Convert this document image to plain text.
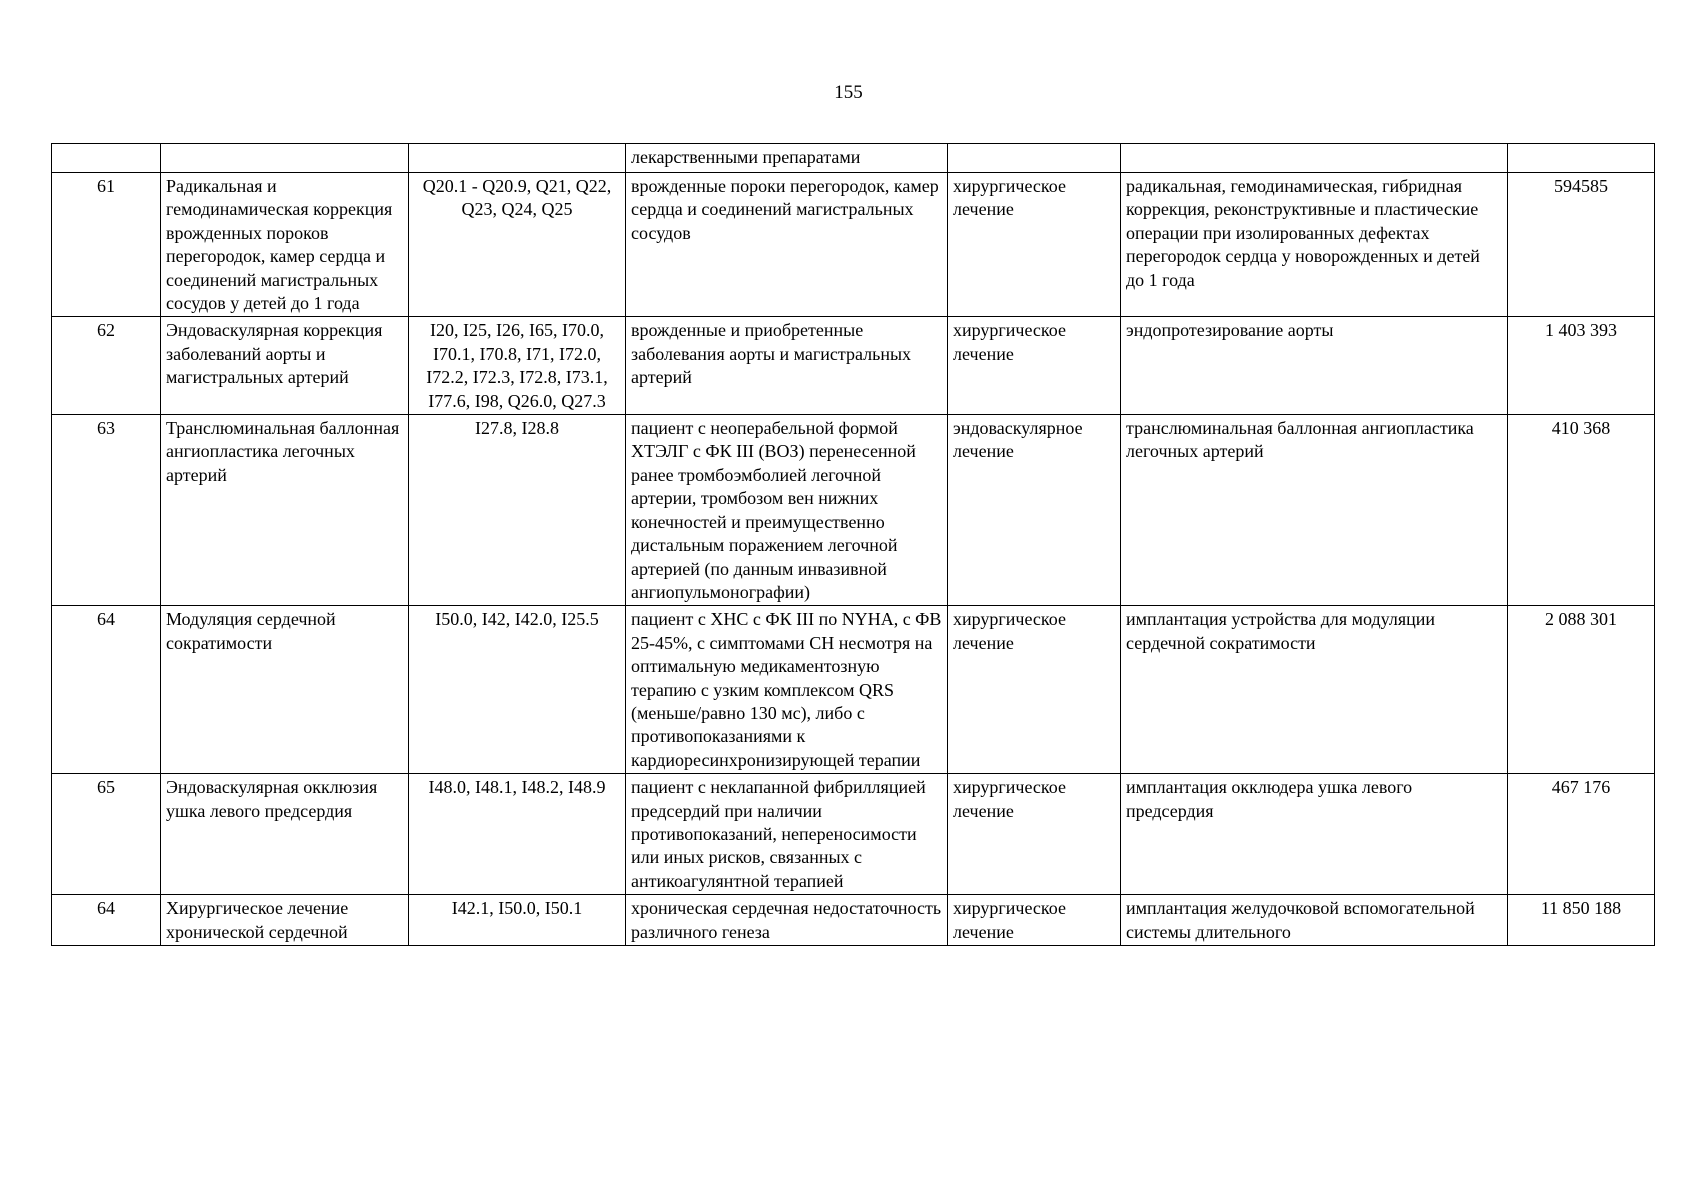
155
			лекарственными препаратами			
61	Радикальная и гемодинамическая коррекция врожденных пороков перегородок, камер сердца и соединений магистральных сосудов у детей до 1 года	Q20.1 - Q20.9, Q21, Q22, Q23, Q24, Q25	врожденные пороки перегородок, камер сердца и соединений магистральных сосудов	хирургическое лечение	радикальная, гемодинамическая, гибридная коррекция, реконструктивные и пластические операции при изолированных дефектах перегородок сердца у новорожденных и детей до 1 года	594585
62	Эндоваскулярная коррекция заболеваний аорты и магистральных артерий	I20, I25, I26, I65, I70.0, I70.1, I70.8, I71, I72.0, I72.2, I72.3, I72.8, I73.1, I77.6, I98, Q26.0, Q27.3	врожденные и приобретенные заболевания аорты и магистральных артерий	хирургическое лечение	эндопротезирование аорты	1 403 393
63	Транслюминальная баллонная ангиопластика легочных артерий	I27.8, I28.8	пациент с неоперабельной формой ХТЭЛГ с ФК III (ВОЗ) перенесенной ранее тромбоэмболией легочной артерии, тромбозом вен нижних конечностей и преимущественно дистальным поражением легочной артерией (по данным инвазивной ангиопульмонографии)	эндоваскулярное лечение	транслюминальная баллонная ангиопластика легочных артерий	410 368
64	Модуляция сердечной сократимости	I50.0, I42, I42.0, I25.5	пациент с ХНС с ФК III по NYHA, с ФВ 25-45%, с симптомами СН несмотря на оптимальную медикаментозную терапию с узким комплексом QRS (меньше/равно 130 мс), либо с противопоказаниями к кардиоресинхронизирующей терапии	хирургическое лечение	имплантация устройства для модуляции сердечной сократимости	2 088 301
65	Эндоваскулярная окклюзия ушка левого предсердия	I48.0, I48.1, I48.2, I48.9	пациент с неклапанной фибрилляцией предсердий при наличии противопоказаний, непереносимости или иных рисков, связанных с антикоагулянтной терапией	хирургическое лечение	имплантация окклюдера ушка левого предсердия	467 176
64	Хирургическое лечение хронической сердечной	I42.1, I50.0, I50.1	хроническая сердечная недостаточность различного генеза	хирургическое лечение	имплантация желудочковой вспомогательной системы длительного	11 850 188
